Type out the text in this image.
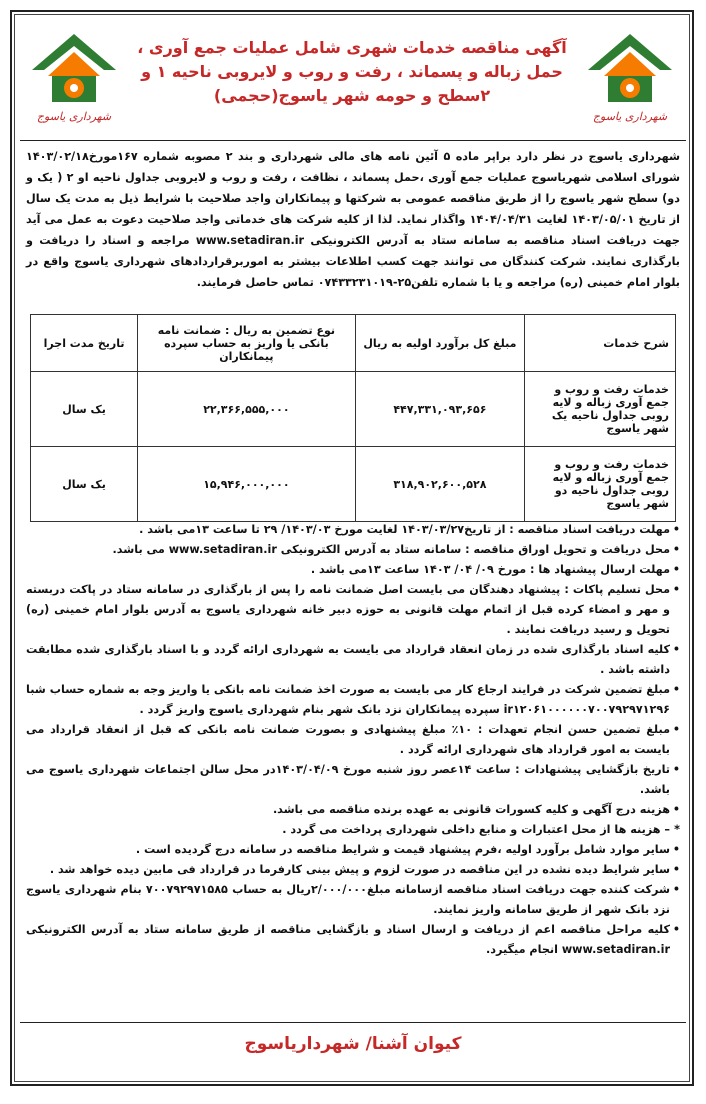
شهرداری یاسوج
آگهی مناقصه خدمات شهری شامل عملیات جمع آوری ، حمل زباله و پسماند ، رفت و روب و لایروبی ناحیه ۱ و ۲سطح و حومه شهر یاسوج(حجمی)
شهرداری یاسوج
شهرداری یاسوج در نظر دارد براپر ماده ۵ آئین نامه های مالی شهرداری و بند ۲ مصوبه شماره ۱۶۷مورخ۱۴۰۳/۰۲/۱۸ شورای اسلامی شهریاسوج عملیات جمع آوری ،حمل پسماند ، نظافت ، رفت و روب و لایروبی جداول ناحیه او ۲ ( یک و دو) سطح شهر یاسوج را از طریق مناقصه عمومی به شرکتها و پیمانکاران واجد صلاحیت با شرایط ذیل به مدت یک سال از تاریخ ۱۴۰۳/۰۵/۰۱ لغایت ۱۴۰۴/۰۴/۳۱ واگذار نماید. لذا از کلیه شرکت های خدماتی واجد صلاحیت دعوت به عمل می آید جهت دریافت اسناد مناقصه به سامانه ستاد به آدرس الکترونیکی www.setadiran.ir مراجعه و اسناد را دریافت و بارگذاری نمایند. شرکت کنندگان می توانند جهت کسب اطلاعات بیشتر به اموربرقراردادهای شهرداری یاسوج واقع در بلوار امام خمینی (ره) مراجعه و یا با شماره تلفن۲۵-۰۷۴۳۳۲۳۱۰۱۹ تماس حاصل فرمایند.
شرح خدمات	مبلغ کل برآورد اولیه به ریال	نوع تضمین به ریال : ضمانت نامه بانکی یا واریز به حساب سپرده پیمانکاران	تاریخ مدت اجرا
خدمات رفت و روب و جمع آوری زباله و لایه روبی جداول ناحیه یک شهر یاسوج	۴۴۷,۳۳۱,۰۹۳,۶۵۶	۲۲,۳۶۶,۵۵۵,۰۰۰	یک سال
خدمات رفت و روب و جمع آوری زباله و لایه روبی جداول ناحیه دو شهر یاسوج	۳۱۸,۹۰۲,۶۰۰,۵۲۸	۱۵,۹۴۶,۰۰۰,۰۰۰	یک سال
• مهلت دریافت اسناد مناقصه : از تاریخ۱۴۰۳/۰۳/۲۷ لغایت مورخ ۱۴۰۳/۰۳/ ۲۹ تا ساعت ۱۳می باشد .
• محل دریافت و تحویل اوراق مناقصه : سامانه ستاد به آدرس الکترونیکی www.setadiran.ir می باشد.
• مهلت ارسال پیشنهاد ها : مورخ ۰۹/ ۰۴/ ۱۴۰۳ ساعت ۱۳می باشد .
• محل تسلیم پاکات : پیشنهاد دهندگان می بایست اصل ضمانت نامه را پس از بارگذاری در سامانه ستاد در پاکت دربسته و مهر و امضاء کرده قبل از اتمام مهلت قانونی به حوزه دبیر خانه شهرداری یاسوج به آدرس بلوار امام خمینی (ره) تحویل و رسید دریافت نمایند .
• کلیه اسناد بارگذاری شده در زمان انعقاد قرارداد می بایست به شهرداری ارائه گردد و با اسناد بارگذاری شده مطابقت داشته باشد .
• مبلغ تضمین شرکت در فرایند ارجاع کار می بایست به صورت اخذ ضمانت نامه بانکی یا واریز وجه به شماره حساب شبا ir۱۲۰۶۱۰۰۰۰۰۰۷۰۰۷۹۲۹۷۱۲۹۶ سپرده پیمانکاران نزد بانک شهر بنام شهرداری یاسوج واریز گردد .
• مبلغ تضمین حسن انجام تعهدات : ۱۰٪ مبلغ پیشنهادی و بصورت ضمانت نامه بانکی که قبل از انعقاد قرارداد می بایست به امور قرارداد های شهرداری ارائه گردد .
• تاریخ بازگشایی پیشنهادات : ساعت ۱۴عصر روز شنبه مورخ ۱۴۰۳/۰۴/۰۹در محل سالن اجتماعات شهرداری یاسوج می باشد.
• هزینه درج آگهی و کلیه کسورات قانونی به عهده برنده مناقصه می باشد.
* – هزینه ها از محل اعتبارات و منابع داخلی شهرداری پرداخت می گردد .
• سایر موارد شامل برآورد اولیه ،فرم پیشنهاد قیمت و شرایط مناقصه در سامانه درج گردیده است .
• سایر شرایط دیده نشده در این مناقصه در صورت لزوم و پیش بینی کارفرما در قرارداد فی مابین دیده خواهد شد .
• شرکت کننده جهت دریافت اسناد مناقصه ازسامانه مبلغ۲/۰۰۰/۰۰۰ریال به حساب ۷۰۰۷۹۲۹۷۱۵۸۵ بنام شهرداری یاسوج نزد بانک شهر از طریق سامانه واریز نمایند.
• کلیه مراحل مناقصه اعم از دریافت و ارسال اسناد و بازگشایی مناقصه از طریق سامانه ستاد به آدرس الکترونیکی www.setadiran.ir انجام میگیرد.
کیوان آشنا/ شهرداریاسوج
